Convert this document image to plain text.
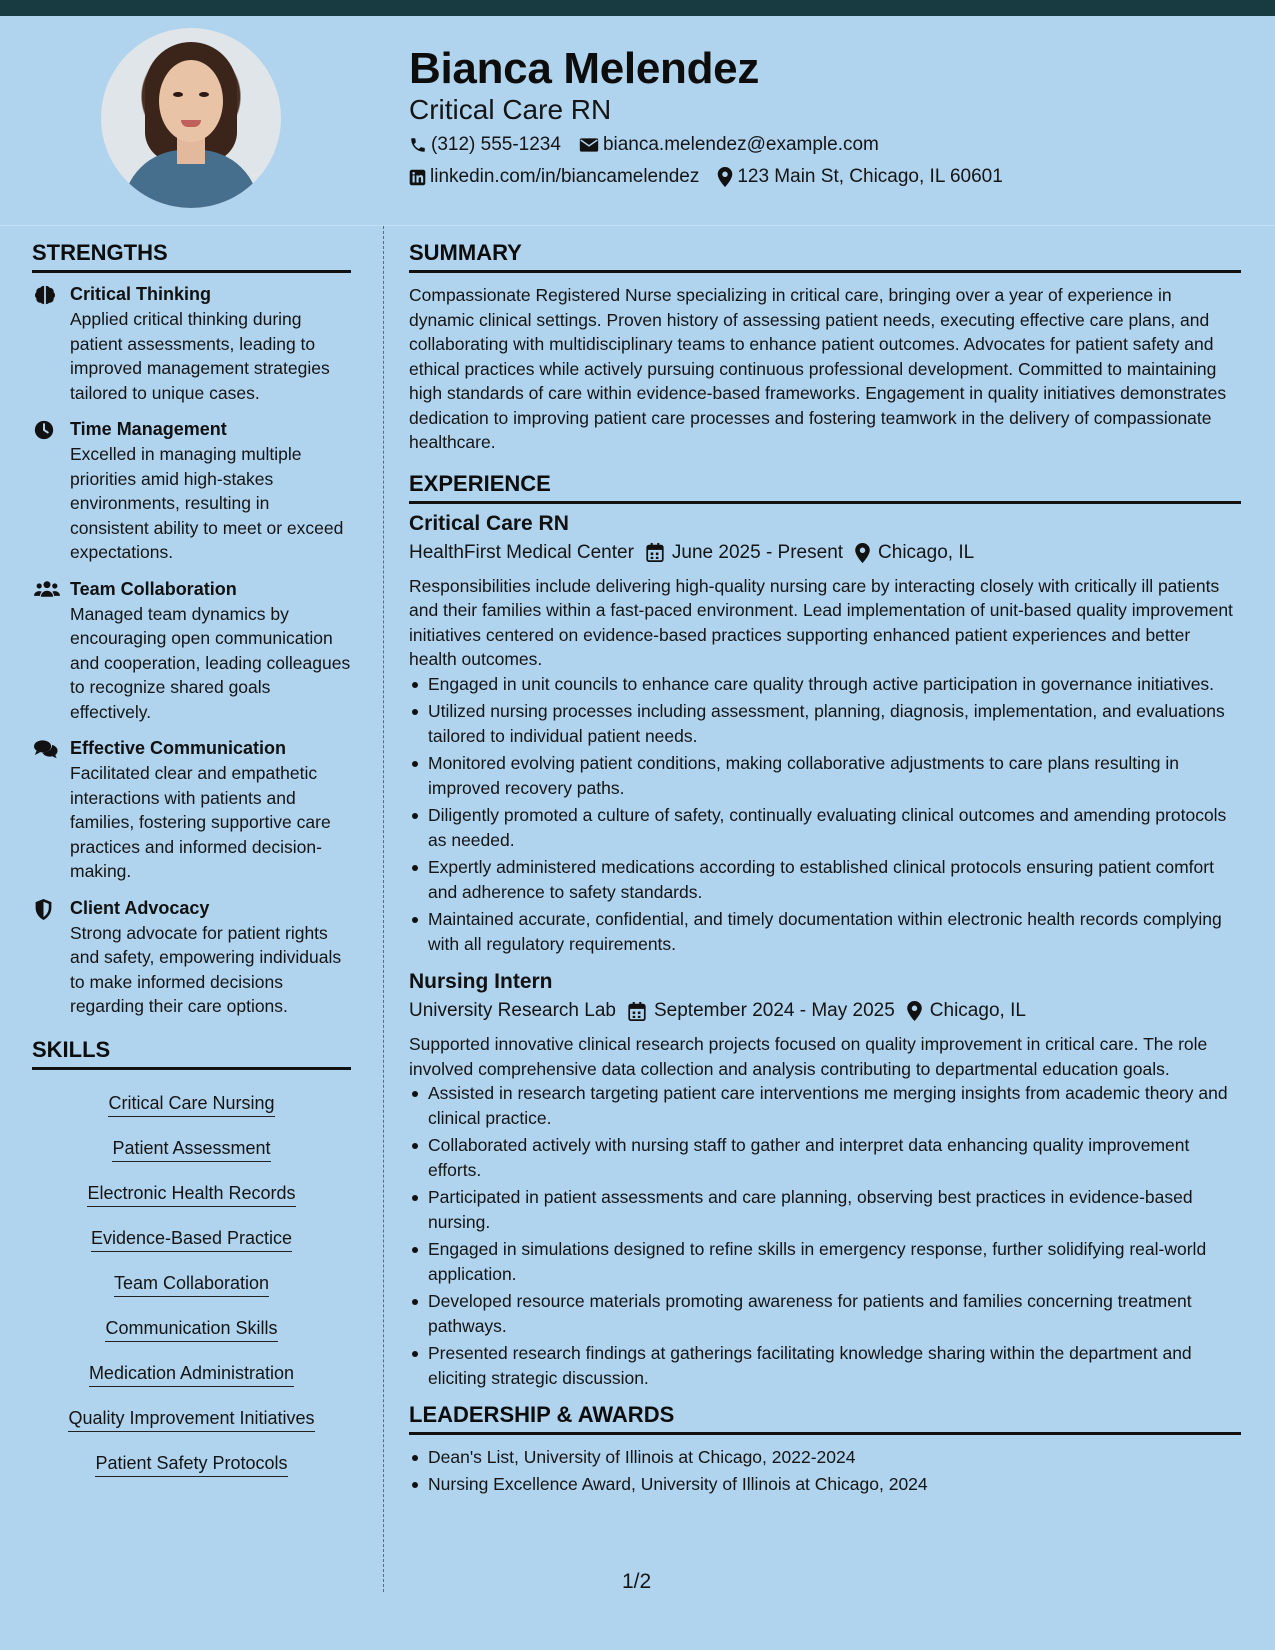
Bianca Melendez
Critical Care RN
(312) 555-1234 bianca.melendez@example.com
linkedin.com/in/biancamelendez 123 Main St, Chicago, IL 60601
STRENGTHS
Critical Thinking
Applied critical thinking during patient assessments, leading to improved management strategies tailored to unique cases.
Time Management
Excelled in managing multiple priorities amid high-stakes environments, resulting in consistent ability to meet or exceed expectations.
Team Collaboration
Managed team dynamics by encouraging open communication and cooperation, leading colleagues to recognize shared goals effectively.
Effective Communication
Facilitated clear and empathetic interactions with patients and families, fostering supportive care practices and informed decision-making.
Client Advocacy
Strong advocate for patient rights and safety, empowering individuals to make informed decisions regarding their care options.
SKILLS
Critical Care Nursing
Patient Assessment
Electronic Health Records
Evidence-Based Practice
Team Collaboration
Communication Skills
Medication Administration
Quality Improvement Initiatives
Patient Safety Protocols
SUMMARY
Compassionate Registered Nurse specializing in critical care, bringing over a year of experience in dynamic clinical settings. Proven history of assessing patient needs, executing effective care plans, and collaborating with multidisciplinary teams to enhance patient outcomes. Advocates for patient safety and ethical practices while actively pursuing continuous professional development. Committed to maintaining high standards of care within evidence-based frameworks. Engagement in quality initiatives demonstrates dedication to improving patient care processes and fostering teamwork in the delivery of compassionate healthcare.
EXPERIENCE
Critical Care RN
HealthFirst Medical Center June 2025 - Present Chicago, IL
Responsibilities include delivering high-quality nursing care by interacting closely with critically ill patients and their families within a fast-paced environment. Lead implementation of unit-based quality improvement initiatives centered on evidence-based practices supporting enhanced patient experiences and better health outcomes.
Engaged in unit councils to enhance care quality through active participation in governance initiatives.
Utilized nursing processes including assessment, planning, diagnosis, implementation, and evaluations tailored to individual patient needs.
Monitored evolving patient conditions, making collaborative adjustments to care plans resulting in improved recovery paths.
Diligently promoted a culture of safety, continually evaluating clinical outcomes and amending protocols as needed.
Expertly administered medications according to established clinical protocols ensuring patient comfort and adherence to safety standards.
Maintained accurate, confidential, and timely documentation within electronic health records complying with all regulatory requirements.
Nursing Intern
University Research Lab September 2024 - May 2025 Chicago, IL
Supported innovative clinical research projects focused on quality improvement in critical care. The role involved comprehensive data collection and analysis contributing to departmental education goals.
Assisted in research targeting patient care interventions me merging insights from academic theory and clinical practice.
Collaborated actively with nursing staff to gather and interpret data enhancing quality improvement efforts.
Participated in patient assessments and care planning, observing best practices in evidence-based nursing.
Engaged in simulations designed to refine skills in emergency response, further solidifying real-world application.
Developed resource materials promoting awareness for patients and families concerning treatment pathways.
Presented research findings at gatherings facilitating knowledge sharing within the department and eliciting strategic discussion.
LEADERSHIP & AWARDS
Dean's List, University of Illinois at Chicago, 2022-2024
Nursing Excellence Award, University of Illinois at Chicago, 2024
1/2
